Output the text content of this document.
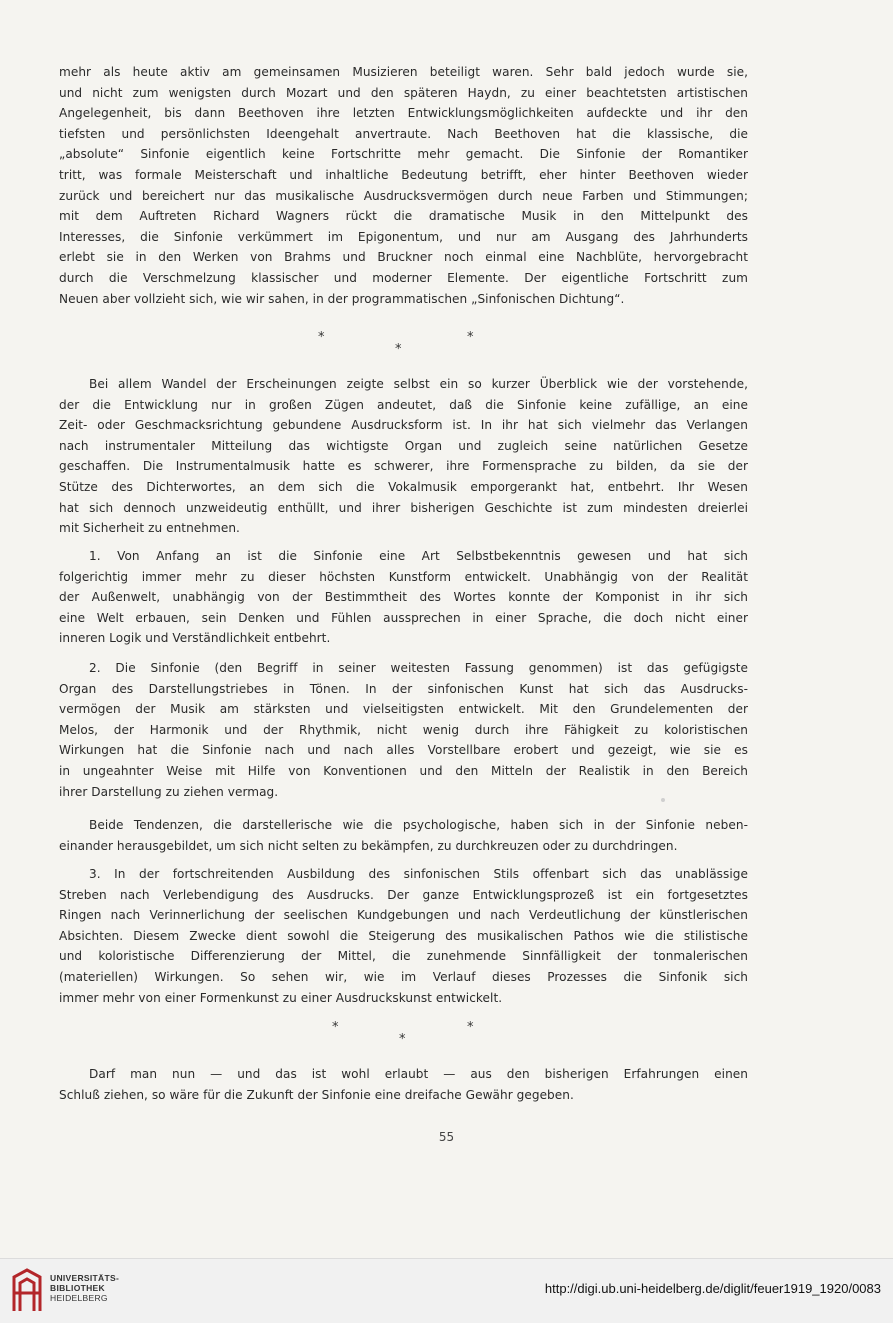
mehr als heute aktiv am gemeinsamen Musizieren beteiligt waren. Sehr bald jedoch wurde sie,
und nicht zum wenigsten durch Mozart und den späteren Haydn, zu einer beachtetsten artistischen
Angelegenheit, bis dann Beethoven ihre letzten Entwicklungsmöglichkeiten aufdeckte und ihr den
tiefsten und persönlichsten Ideengehalt anvertraute. Nach Beethoven hat die klassische, die
„absolute“ Sinfonie eigentlich keine Fortschritte mehr gemacht. Die Sinfonie der Romantiker
tritt, was formale Meisterschaft und inhaltliche Bedeutung betrifft, eher hinter Beethoven wieder
zurück und bereichert nur das musikalische Ausdrucksvermögen durch neue Farben und Stimmungen;
mit dem Auftreten Richard Wagners rückt die dramatische Musik in den Mittelpunkt des
Interesses, die Sinfonie verkümmert im Epigonentum, und nur am Ausgang des Jahrhunderts
erlebt sie in den Werken von Brahms und Bruckner noch einmal eine Nachblüte, hervorgebracht
durch die Verschmelzung klassischer und moderner Elemente. Der eigentliche Fortschritt zum
Neuen aber vollzieht sich, wie wir sahen, in der programmatischen „Sinfonischen Dichtung“.
*
*
*
Bei allem Wandel der Erscheinungen zeigte selbst ein so kurzer Überblick wie der vorstehende,
der die Entwicklung nur in großen Zügen andeutet, daß die Sinfonie keine zufällige, an eine
Zeit- oder Geschmacksrichtung gebundene Ausdrucksform ist. In ihr hat sich vielmehr das Verlangen
nach instrumentaler Mitteilung das wichtigste Organ und zugleich seine natürlichen Gesetze
geschaffen. Die Instrumentalmusik hatte es schwerer, ihre Formensprache zu bilden, da sie der
Stütze des Dichterwortes, an dem sich die Vokalmusik emporgerankt hat, entbehrt. Ihr Wesen
hat sich dennoch unzweideutig enthüllt, und ihrer bisherigen Geschichte ist zum mindesten dreierlei
mit Sicherheit zu entnehmen.
1. Von Anfang an ist die Sinfonie eine Art Selbstbekenntnis gewesen und hat sich
folgerichtig immer mehr zu dieser höchsten Kunstform entwickelt. Unabhängig von der Realität
der Außenwelt, unabhängig von der Bestimmtheit des Wortes konnte der Komponist in ihr sich
eine Welt erbauen, sein Denken und Fühlen aussprechen in einer Sprache, die doch nicht einer
inneren Logik und Verständlichkeit entbehrt.
2. Die Sinfonie (den Begriff in seiner weitesten Fassung genommen) ist das gefügigste
Organ des Darstellungstriebes in Tönen. In der sinfonischen Kunst hat sich das Ausdrucks-
vermögen der Musik am stärksten und vielseitigsten entwickelt. Mit den Grundelementen der
Melos, der Harmonik und der Rhythmik, nicht wenig durch ihre Fähigkeit zu koloristischen
Wirkungen hat die Sinfonie nach und nach alles Vorstellbare erobert und gezeigt, wie sie es
in ungeahnter Weise mit Hilfe von Konventionen und den Mitteln der Realistik in den Bereich
ihrer Darstellung zu ziehen vermag.
Beide Tendenzen, die darstellerische wie die psychologische, haben sich in der Sinfonie neben-
einander herausgebildet, um sich nicht selten zu bekämpfen, zu durchkreuzen oder zu durchdringen.
3. In der fortschreitenden Ausbildung des sinfonischen Stils offenbart sich das unablässige
Streben nach Verlebendigung des Ausdrucks. Der ganze Entwicklungsprozeß ist ein fortgesetztes
Ringen nach Verinnerlichung der seelischen Kundgebungen und nach Verdeutlichung der künstlerischen
Absichten. Diesem Zwecke dient sowohl die Steigerung des musikalischen Pathos wie die stilistische
und koloristische Differenzierung der Mittel, die zunehmende Sinnfälligkeit der tonmalerischen
(materiellen) Wirkungen. So sehen wir, wie im Verlauf dieses Prozesses die Sinfonik sich
immer mehr von einer Formenkunst zu einer Ausdruckskunst entwickelt.
*
*
*
Darf man nun — und das ist wohl erlaubt — aus den bisherigen Erfahrungen einen
Schluß ziehen, so wäre für die Zukunft der Sinfonie eine dreifache Gewähr gegeben.
55
UNIVERSITÄTS-
BIBLIOTHEK
HEIDELBERG
http://digi.ub.uni-heidelberg.de/diglit/feuer1919_1920/0083
